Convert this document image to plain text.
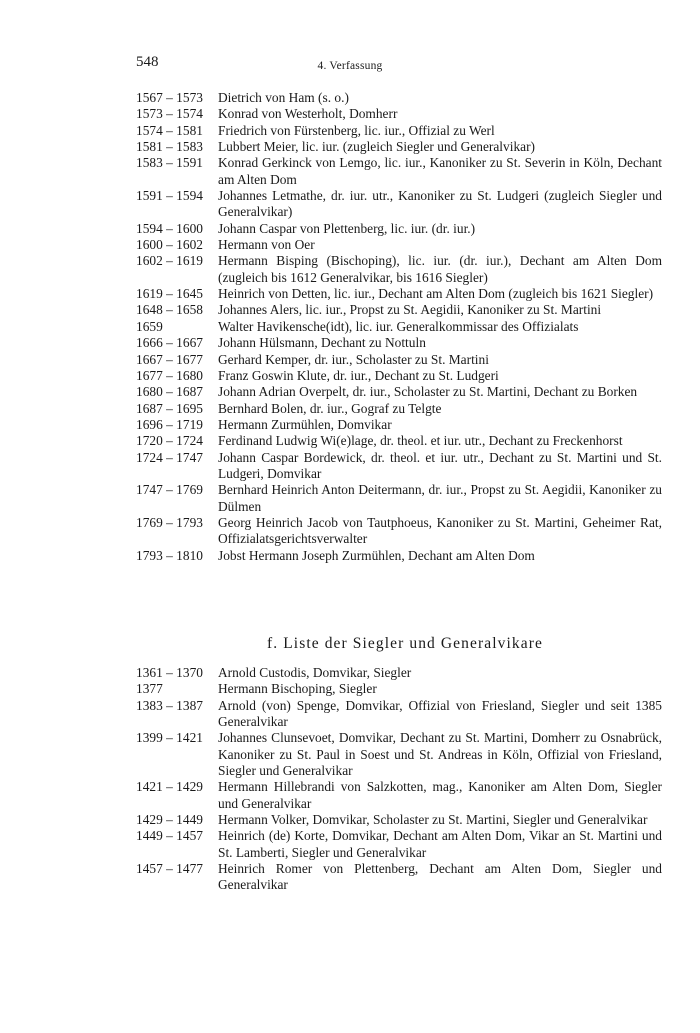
548	4. Verfassung
1567 – 1573	Dietrich von Ham (s. o.)
1573 – 1574	Konrad von Westerholt, Domherr
1574 – 1581	Friedrich von Fürstenberg, lic. iur., Offizial zu Werl
1581 – 1583	Lubbert Meier, lic. iur. (zugleich Siegler und Generalvikar)
1583 – 1591	Konrad Gerkinck von Lemgo, lic. iur., Kanoniker zu St. Severin in Köln, Dechant am Alten Dom
1591 – 1594	Johannes Letmathe, dr. iur. utr., Kanoniker zu St. Ludgeri (zugleich Siegler und Generalvikar)
1594 – 1600	Johann Caspar von Plettenberg, lic. iur. (dr. iur.)
1600 – 1602	Hermann von Oer
1602 – 1619	Hermann Bisping (Bischoping), lic. iur. (dr. iur.), Dechant am Alten Dom (zugleich bis 1612 Generalvikar, bis 1616 Siegler)
1619 – 1645	Heinrich von Detten, lic. iur., Dechant am Alten Dom (zugleich bis 1621 Siegler)
1648 – 1658	Johannes Alers, lic. iur., Propst zu St. Aegidii, Kanoniker zu St. Martini
1659	Walter Havikensche(idt), lic. iur. Generalkommissar des Offizialats
1666 – 1667	Johann Hülsmann, Dechant zu Nottuln
1667 – 1677	Gerhard Kemper, dr. iur., Scholaster zu St. Martini
1677 – 1680	Franz Goswin Klute, dr. iur., Dechant zu St. Ludgeri
1680 – 1687	Johann Adrian Overpelt, dr. iur., Scholaster zu St. Martini, Dechant zu Borken
1687 – 1695	Bernhard Bolen, dr. iur., Gograf zu Telgte
1696 – 1719	Hermann Zurmühlen, Domvikar
1720 – 1724	Ferdinand Ludwig Wi(e)lage, dr. theol. et iur. utr., Dechant zu Freckenhorst
1724 – 1747	Johann Caspar Bordewick, dr. theol. et iur. utr., Dechant zu St. Martini und St. Ludgeri, Domvikar
1747 – 1769	Bernhard Heinrich Anton Deitermann, dr. iur., Propst zu St. Aegidii, Kanoniker zu Dülmen
1769 – 1793	Georg Heinrich Jacob von Tautphoeus, Kanoniker zu St. Martini, Geheimer Rat, Offizialatsgerichtsverwalter
1793 – 1810	Jobst Hermann Joseph Zurmühlen, Dechant am Alten Dom
f. Liste der Siegler und Generalvikare
1361 – 1370	Arnold Custodis, Domvikar, Siegler
1377	Hermann Bischoping, Siegler
1383 – 1387	Arnold (von) Spenge, Domvikar, Offizial von Friesland, Siegler und seit 1385 Generalvikar
1399 – 1421	Johannes Clunsevoet, Domvikar, Dechant zu St. Martini, Domherr zu Osnabrück, Kanoniker zu St. Paul in Soest und St. Andreas in Köln, Offizial von Friesland, Siegler und Generalvikar
1421 – 1429	Hermann Hillebrandi von Salzkotten, mag., Kanoniker am Alten Dom, Siegler und Generalvikar
1429 – 1449	Hermann Volker, Domvikar, Scholaster zu St. Martini, Siegler und Generalvikar
1449 – 1457	Heinrich (de) Korte, Domvikar, Dechant am Alten Dom, Vikar an St. Martini und St. Lamberti, Siegler und Generalvikar
1457 – 1477	Heinrich Romer von Plettenberg, Dechant am Alten Dom, Siegler und Generalvikar
